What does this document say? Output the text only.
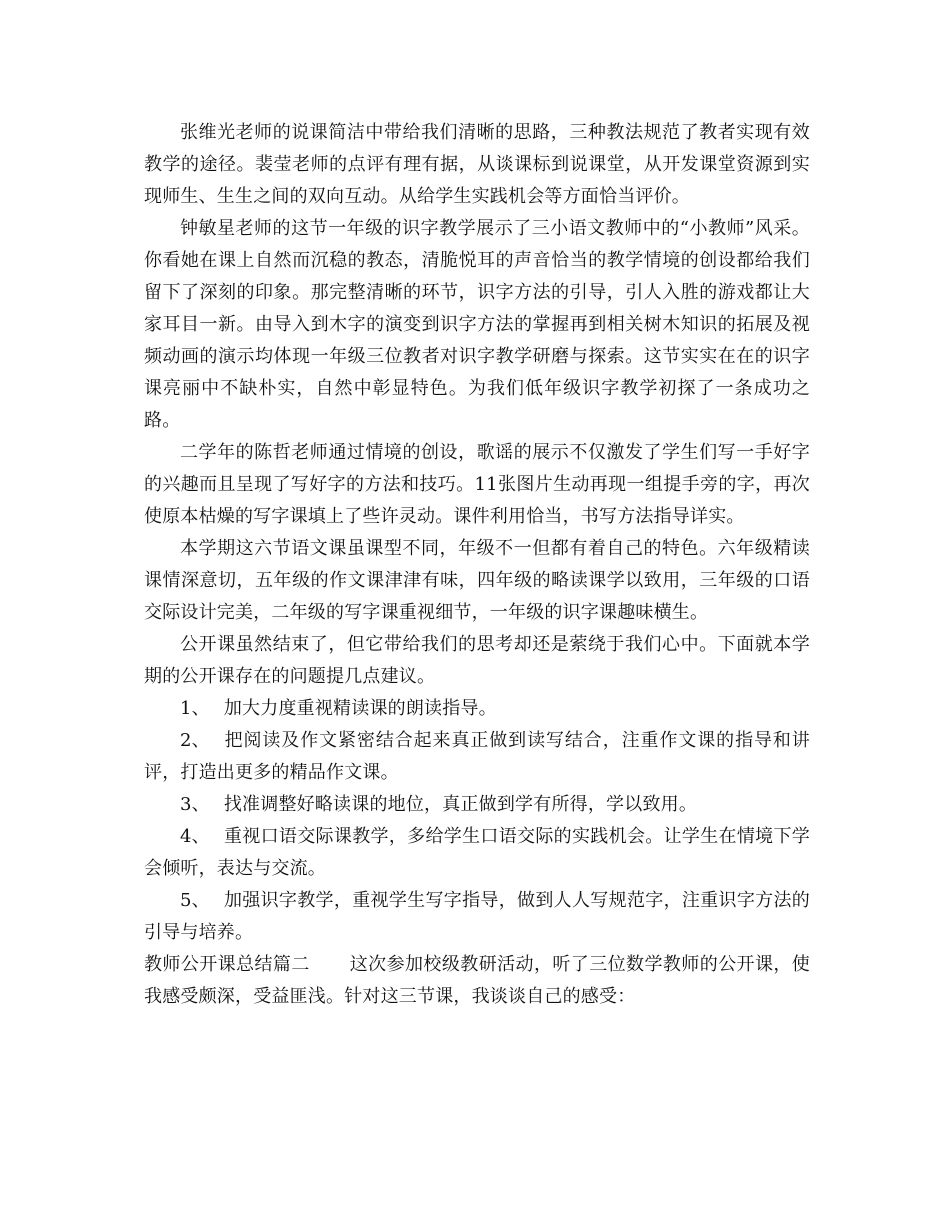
张维光老师的说课简洁中带给我们清晰的思路，三种教法规范了教者实现有效教学的途径。裴莹老师的点评有理有据，从谈课标到说课堂，从开发课堂资源到实现师生、生生之间的双向互动。从给学生实践机会等方面恰当评价。

钟敏星老师的这节一年级的识字教学展示了三小语文教师中的“小教师”风采。你看她在课上自然而沉稳的教态，清脆悦耳的声音恰当的教学情境的创设都给我们留下了深刻的印象。那完整清晰的环节，识字方法的引导，引人入胜的游戏都让大家耳目一新。由导入到木字的演变到识字方法的掌握再到相关树木知识的拓展及视频动画的演示均体现一年级三位教者对识字教学研磨与探索。这节实实在在的识字课亮丽中不缺朴实，自然中彰显特色。为我们低年级识字教学初探了一条成功之路。

二学年的陈哲老师通过情境的创设，歌谣的展示不仅激发了学生们写一手好字的兴趣而且呈现了写好字的方法和技巧。11张图片生动再现一组提手旁的字，再次使原本枯燥的写字课填上了些许灵动。课件利用恰当，书写方法指导详实。

本学期这六节语文课虽课型不同，年级不一但都有着自己的特色。六年级精读课情深意切，五年级的作文课津津有味，四年级的略读课学以致用，三年级的口语交际设计完美，二年级的写字课重视细节，一年级的识字课趣味横生。

公开课虽然结束了，但它带给我们的思考却还是萦绕于我们心中。下面就本学期的公开课存在的问题提几点建议。

1、 加大力度重视精读课的朗读指导。

2、 把阅读及作文紧密结合起来真正做到读写结合，注重作文课的指导和讲评，打造出更多的精品作文课。

3、 找准调整好略读课的地位，真正做到学有所得，学以致用。

4、 重视口语交际课教学，多给学生口语交际的实践机会。让学生在情境下学会倾听，表达与交流。

5、 加强识字教学，重视学生写字指导，做到人人写规范字，注重识字方法的引导与培养。

教师公开课总结篇二 这次参加校级教研活动，听了三位数学教师的公开课，使我感受颇深，受益匪浅。针对这三节课，我谈谈自己的感受：
